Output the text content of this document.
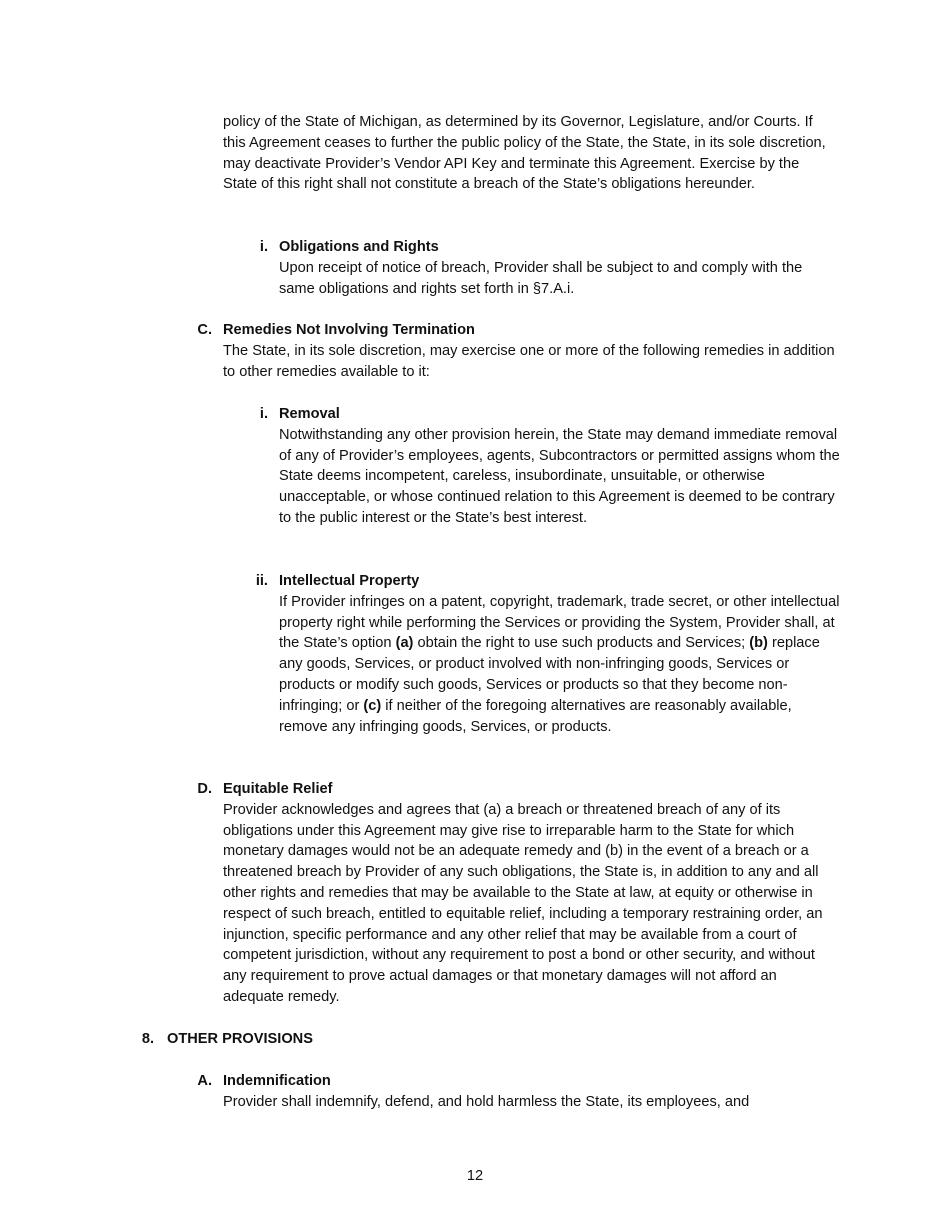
policy of the State of Michigan, as determined by its Governor, Legislature, and/or Courts. If this Agreement ceases to further the public policy of the State, the State, in its sole discretion, may deactivate Provider’s Vendor API Key and terminate this Agreement. Exercise by the State of this right shall not constitute a breach of the State’s obligations hereunder.

i. Obligations and Rights

Upon receipt of notice of breach, Provider shall be subject to and comply with the same obligations and rights set forth in §7.A.i.

C. Remedies Not Involving Termination

The State, in its sole discretion, may exercise one or more of the following remedies in addition to other remedies available to it:

i. Removal

Notwithstanding any other provision herein, the State may demand immediate removal of any of Provider’s employees, agents, Subcontractors or permitted assigns whom the State deems incompetent, careless, insubordinate, unsuitable, or otherwise unacceptable, or whose continued relation to this Agreement is deemed to be contrary to the public interest or the State’s best interest.

ii. Intellectual Property

If Provider infringes on a patent, copyright, trademark, trade secret, or other intellectual property right while performing the Services or providing the System, Provider shall, at the State’s option (a) obtain the right to use such products and Services; (b) replace any goods, Services, or product involved with non-infringing goods, Services or products or modify such goods, Services or products so that they become non-infringing; or (c) if neither of the foregoing alternatives are reasonably available, remove any infringing goods, Services, or products.

D. Equitable Relief

Provider acknowledges and agrees that (a) a breach or threatened breach of any of its obligations under this Agreement may give rise to irreparable harm to the State for which monetary damages would not be an adequate remedy and (b) in the event of a breach or a threatened breach by Provider of any such obligations, the State is, in addition to any and all other rights and remedies that may be available to the State at law, at equity or otherwise in respect of such breach, entitled to equitable relief, including a temporary restraining order, an injunction, specific performance and any other relief that may be available from a court of competent jurisdiction, without any requirement to post a bond or other security, and without any requirement to prove actual damages or that monetary damages will not afford an adequate remedy.

8. OTHER PROVISIONS

A. Indemnification

Provider shall indemnify, defend, and hold harmless the State, its employees, and

12
